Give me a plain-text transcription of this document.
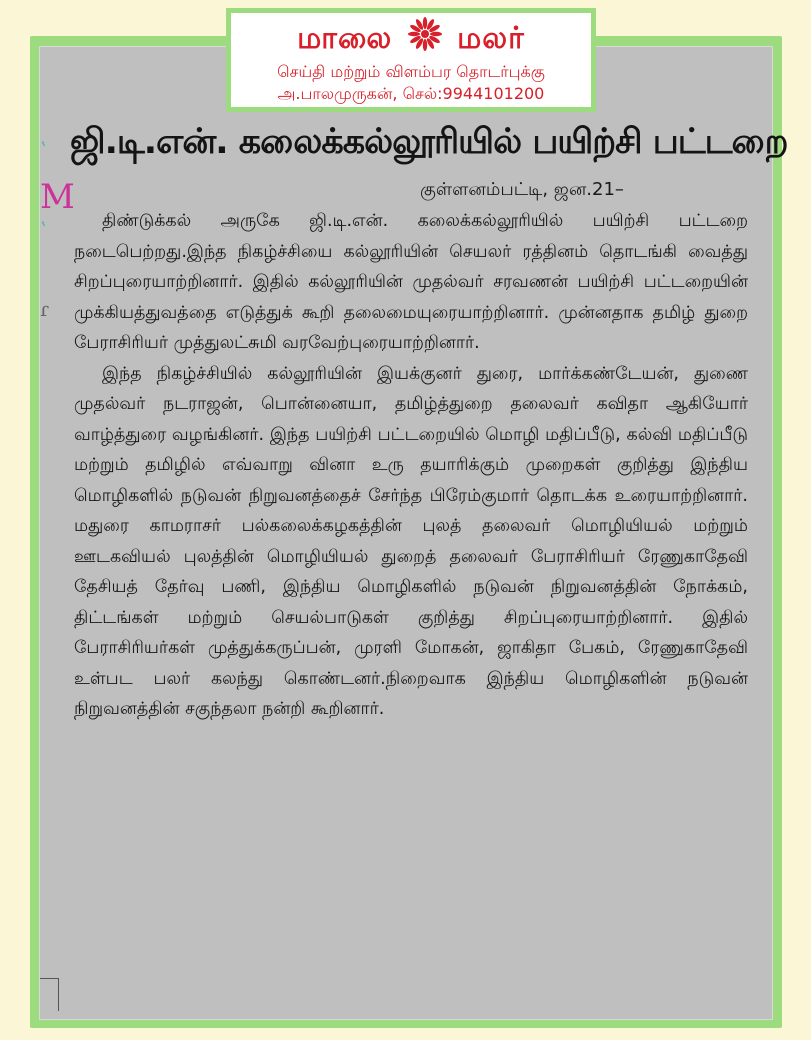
ʽ
M
ʽ
ɾ
மாலை மலர்
செய்தி மற்றும் விளம்பர தொடர்புக்கு
அ.பாலமுருகன், செல்:9944101200
ஜி.டி.என். கலைக்கல்லூரியில் பயிற்சி பட்டறை
குள்ளனம்பட்டி, ஜன.21–

திண்டுக்கல் அருகே ஜி.டி.என். கலைக்கல்லூரியில் பயிற்சி பட்டறை நடைபெற்றது.இந்த நிகழ்ச்சியை கல்லூரியின் செயலர் ரத்தினம் தொடங்கி வைத்து சிறப்புரையாற்றினார். இதில் கல்லூரியின் முதல்வர் சரவணன் பயிற்சி பட்டறையின் முக்கியத்துவத்தை எடுத்துக் கூறி தலைமையுரையாற்றினார். முன்னதாக தமிழ் துறை பேராசிரியர் முத்துலட்சுமி வரவேற்புரையாற்றினார்.

இந்த நிகழ்ச்சியில் கல்லூரியின் இயக்குனர் துரை, மார்க்கண்டேயன், துணை முதல்வர் நடராஜன், பொன்னையா, தமிழ்த்துறை தலைவர் கவிதா ஆகியோர் வாழ்த்துரை வழங்கினர். இந்த பயிற்சி பட்டறையில் மொழி மதிப்பீடு, கல்வி மதிப்பீடு மற்றும் தமிழில் எவ்வாறு வினா உரு தயாரிக்கும் முறைகள் குறித்து இந்திய மொழிகளில் நடுவன் நிறுவனத்தைச் சேர்ந்த பிரேம்குமார் தொடக்க உரையாற்றினார். மதுரை காமராசர் பல்கலைக்கழகத்தின் புலத் தலைவர் மொழியியல் மற்றும் ஊடகவியல் புலத்தின் மொழியியல் துறைத் தலைவர் பேராசிரியர் ரேணுகாதேவி தேசியத் தேர்வு பணி, இந்திய மொழிகளில் நடுவன் நிறுவனத்தின் நோக்கம், திட்டங்கள் மற்றும் செயல்பாடுகள் குறித்து சிறப்புரையாற்றினார். இதில் பேராசிரியர்கள் முத்துக்கருப்பன், முரளி மோகன், ஜாகிதா பேகம், ரேணுகாதேவி உள்பட பலர் கலந்து கொண்டனர்.நிறைவாக இந்திய மொழிகளின் நடுவன் நிறுவனத்தின் சகுந்தலா நன்றி கூறினார்.
